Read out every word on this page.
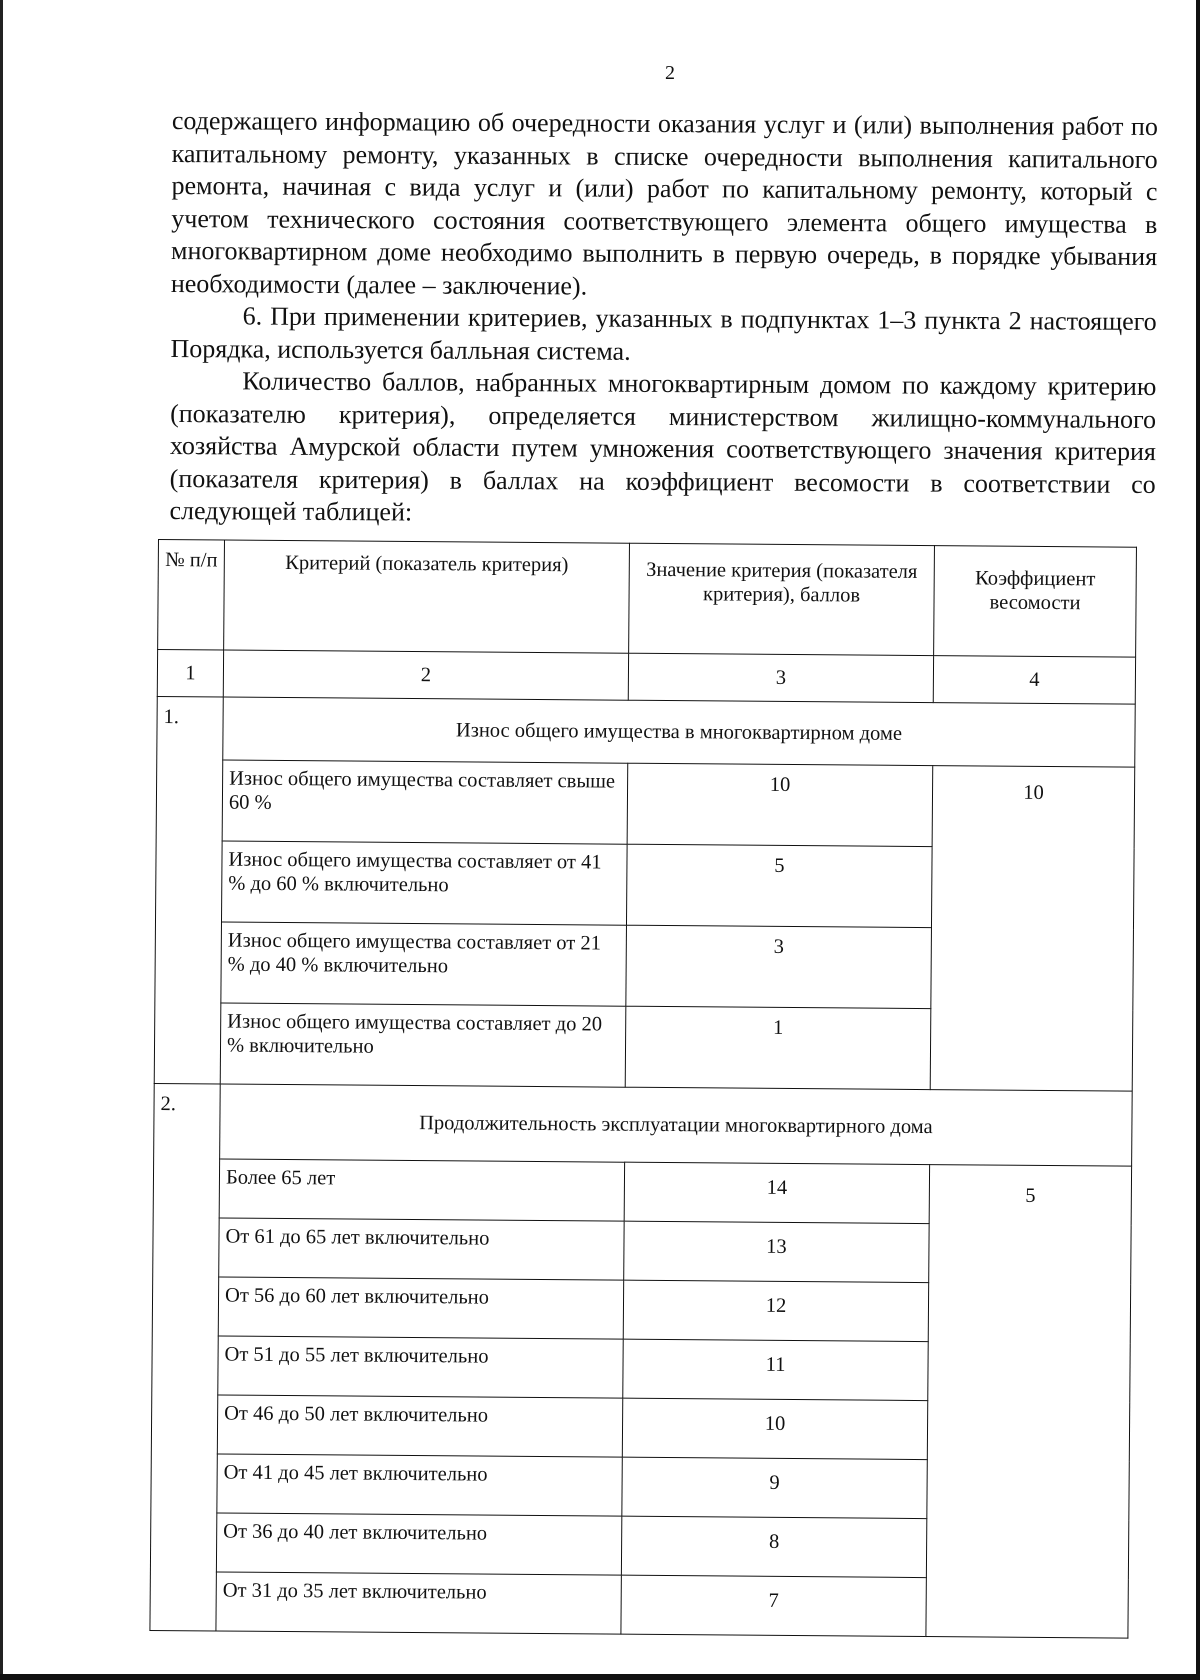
2

содержащего информацию об очередности оказания услуг и (или) выполнения работ по капитальному ремонту, указанных в списке очередности выполнения капитального ремонта, начиная с вида услуг и (или) работ по капитальному ремонту, который с учетом технического состояния соответствующего элемента общего имущества в многоквартирном доме необходимо выполнить в первую очередь, в порядке убывания необходимости (далее – заключение).

6. При применении критериев, указанных в подпунктах 1–3 пункта 2 настоящего Порядка, используется балльная система.

Количество баллов, набранных многоквартирным домом по каждому критерию (показателю критерия), определяется министерством жилищно-коммунального хозяйства Амурской области путем умножения соответствующего значения критерия (показателя критерия) в баллах на коэффициент весомости в соответствии со следующей таблицей:

№ п/п	Критерий (показатель критерия)	Значение критерия (показателя критерия), баллов	Коэффициент весомости
1	2	3	4
1.	Износ общего имущества в многоквартирном доме		
	Износ общего имущества составляет свыше 60 %	10	10
	Износ общего имущества составляет от 41 % до 60 % включительно	5	
	Износ общего имущества составляет от 21 % до 40 % включительно	3	
	Износ общего имущества составляет до 20 % включительно	1	
2.	Продолжительность эксплуатации многоквартирного дома		
	Более 65 лет	14	5
	От 61 до 65 лет включительно	13	
	От 56 до 60 лет включительно	12	
	От 51 до 55 лет включительно	11	
	От 46 до 50 лет включительно	10	
	От 41 до 45 лет включительно	9	
	От 36 до 40 лет включительно	8	
	От 31 до 35 лет включительно	7	
